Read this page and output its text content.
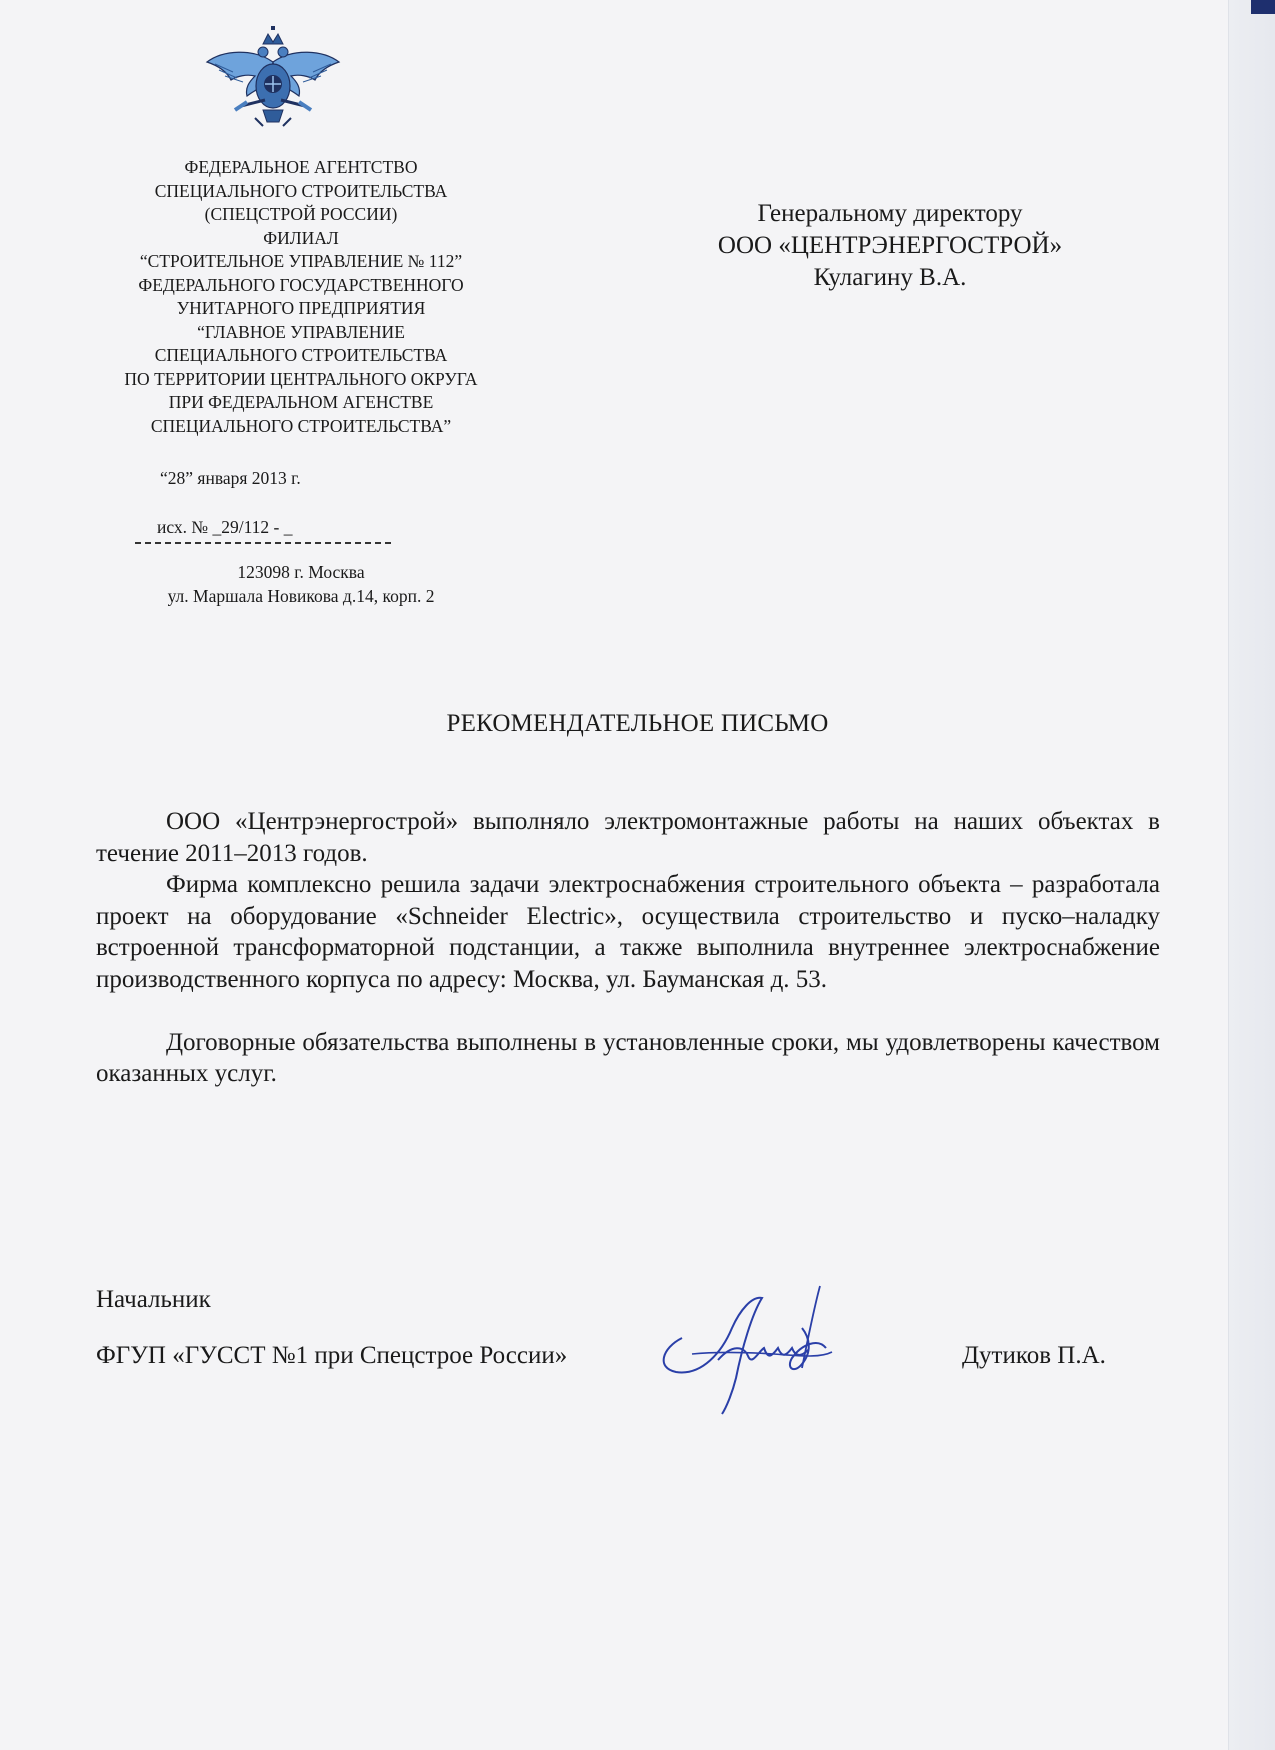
ФЕДЕРАЛЬНОЕ АГЕНТСТВО
СПЕЦИАЛЬНОГО СТРОИТЕЛЬСТВА
(СПЕЦСТРОЙ РОССИИ)
ФИЛИАЛ
“СТРОИТЕЛЬНОЕ УПРАВЛЕНИЕ № 112”
ФЕДЕРАЛЬНОГО ГОСУДАРСТВЕННОГО
УНИТАРНОГО ПРЕДПРИЯТИЯ
“ГЛАВНОЕ УПРАВЛЕНИЕ
СПЕЦИАЛЬНОГО СТРОИТЕЛЬСТВА
ПО ТЕРРИТОРИИ ЦЕНТРАЛЬНОГО ОКРУГА
ПРИ ФЕДЕРАЛЬНОМ АГЕНСТВЕ
СПЕЦИАЛЬНОГО СТРОИТЕЛЬСТВА”
“28” января 2013 г.
исх. № _29/112 - _
123098 г. Москва
ул. Маршала Новикова д.14, корп. 2
Генеральному директору
ООО «ЦЕНТРЭНЕРГОСТРОЙ»
Кулагину В.А.
РЕКОМЕНДАТЕЛЬНОЕ ПИСЬМО

ООО «Центрэнергострой» выполняло электромонтажные работы на наших объектах в течение 2011–2013 годов.

Фирма комплексно решила задачи электроснабжения строительного объекта – разработала проект на оборудование «Schneider Electric», осуществила строительство и пуско–наладку встроенной трансформаторной подстанции, а также выполнила внутреннее электроснабжение производственного корпуса по адресу: Москва, ул. Бауманская д. 53.

Договорные обязательства выполнены в установленные сроки, мы удовлетворены качеством оказанных услуг.

Начальник
ФГУП «ГУССТ №1 при Спецстрое России»	Дутиков П.А.
